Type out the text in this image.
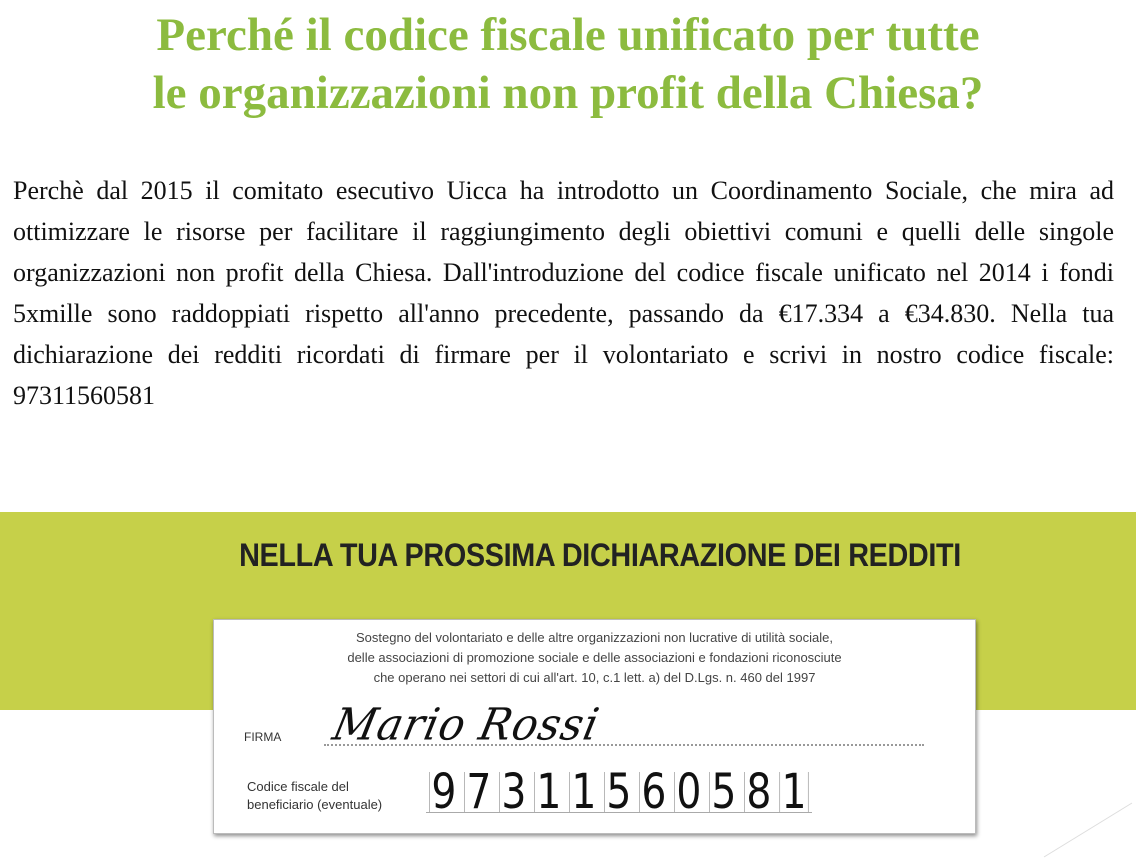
Perché il codice fiscale unificato per tutte
le organizzazioni non profit della Chiesa?

Perchè dal 2015 il comitato esecutivo Uicca ha introdotto un Coordinamento Sociale, che mira ad ottimizzare le risorse per facilitare il raggiungimento degli obiettivi comuni e quelli delle singole organizzazioni non profit della Chiesa. Dall'introduzione del codice fiscale unificato nel 2014 i fondi 5xmille sono raddoppiati rispetto all'anno precedente, passando da €17.334 a €34.830. Nella tua dichiarazione dei redditi ricordati di firmare per il volontariato e scrivi in nostro codice fiscale: 97311560581

NELLA TUA PROSSIMA DICHIARAZIONE DEI REDDITI
Sostegno del volontariato e delle altre organizzazioni non lucrative di utilità sociale,
delle associazioni di promozione sociale e delle associazioni e fondazioni riconosciute
che operano nei settori di cui all'art. 10, c.1 lett. a) del D.Lgs. n. 460 del 1997
FIRMA Mario Rossi
Codice fiscale del
beneficiario (eventuale)	9 7 3 1 1 5 6 0 5 8 1
